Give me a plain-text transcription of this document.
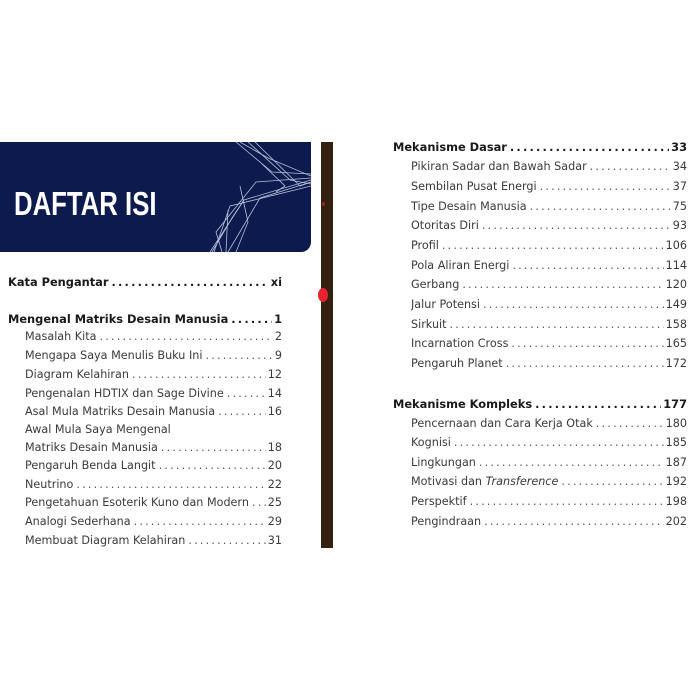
DAFTAR ISI
Kata Pengantar .....	xi
Mengenal Matriks Desain Manusia .....	1
Masalah Kita .....	2
Mengapa Saya Menulis Buku Ini .....	9
Diagram Kelahiran .....	12
Pengenalan HDTIX dan Sage Divine .....	14
Asal Mula Matriks Desain Manusia .....	16
Awal Mula Saya Mengenal
Matriks Desain Manusia .....	18
Pengaruh Benda Langit .....	20
Neutrino .....	22
Pengetahuan Esoterik Kuno dan Modern ..... 25
Analogi Sederhana .....	29
Membuat Diagram Kelahiran .....	31
Mekanisme Dasar .....	33
Pikiran Sadar dan Bawah Sadar .....	34
Sembilan Pusat Energi .....	37
Tipe Desain Manusia .....	75
Otoritas Diri .....	93
Profil .....	106
Pola Aliran Energi .....	114
Gerbang .....	120
Jalur Potensi .....	149
Sirkuit .....	158
Incarnation Cross .....	165
Pengaruh Planet .....	172
Mekanisme Kompleks .....	177
Pencernaan dan Cara Kerja Otak .....	180
Kognisi .....	185
Lingkungan .....	187
Motivasi dan Transference .....	192
Perspektif .....	198
Pengindraan .....	202
